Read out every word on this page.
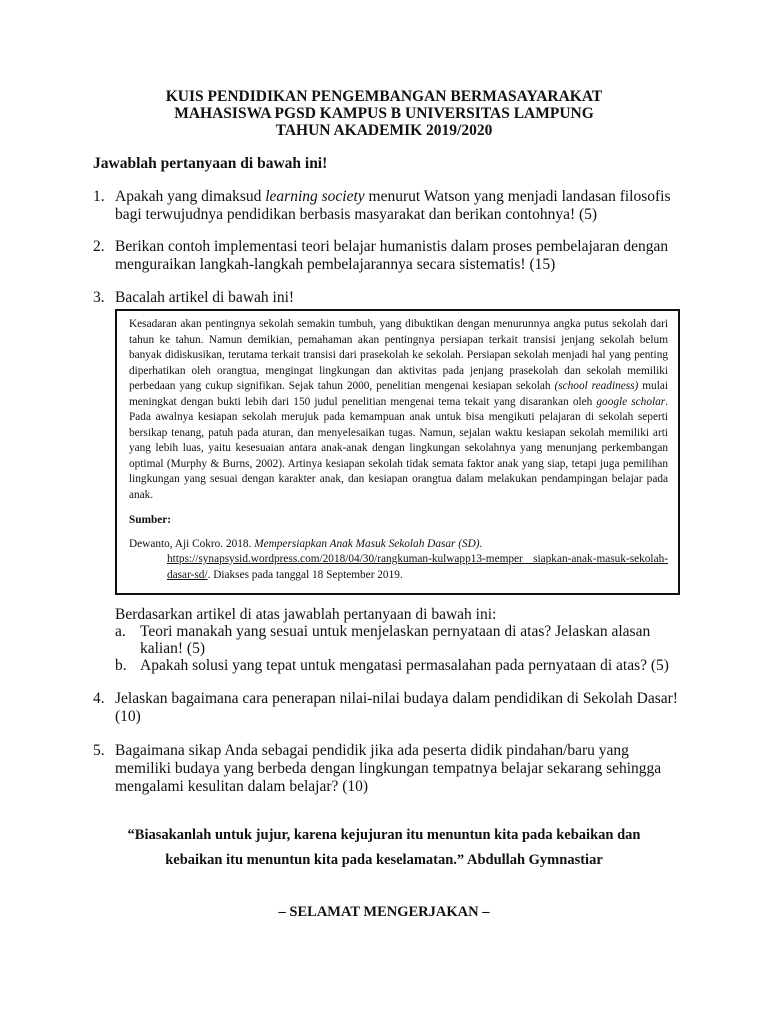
KUIS PENDIDIKAN PENGEMBANGAN BERMASAYARAKAT
MAHASISWA PGSD KAMPUS B UNIVERSITAS LAMPUNG
TAHUN AKADEMIK 2019/2020
Jawablah pertanyaan di bawah ini!
1. Apakah yang dimaksud learning society menurut Watson yang menjadi landasan filosofis bagi terwujudnya pendidikan berbasis masyarakat dan berikan contohnya! (5)
2. Berikan contoh implementasi teori belajar humanistis dalam proses pembelajaran dengan menguraikan langkah-langkah pembelajarannya secara sistematis! (15)
3. Bacalah artikel di bawah ini!

Kesadaran akan pentingnya sekolah semakin tumbuh, yang dibuktikan dengan menurunnya angka putus sekolah dari tahun ke tahun. Namun demikian, pemahaman akan pentingnya persiapan terkait transisi jenjang sekolah belum banyak didiskusikan, terutama terkait transisi dari prasekolah ke sekolah. Persiapan sekolah menjadi hal yang penting diperhatikan oleh orangtua, mengingat lingkungan dan aktivitas pada jenjang prasekolah dan sekolah memiliki perbedaan yang cukup signifikan. Sejak tahun 2000, penelitian mengenai kesiapan sekolah (school readiness) mulai meningkat dengan bukti lebih dari 150 judul penelitian mengenai tema tekait yang disarankan oleh google scholar. Pada awalnya kesiapan sekolah merujuk pada kemampuan anak untuk bisa mengikuti pelajaran di sekolah seperti bersikap tenang, patuh pada aturan, dan menyelesaikan tugas. Namun, sejalan waktu kesiapan sekolah memiliki arti yang lebih luas, yaitu kesesuaian antara anak-anak dengan lingkungan sekolahnya yang menunjang perkembangan optimal (Murphy & Burns, 2002). Artinya kesiapan sekolah tidak semata faktor anak yang siap, tetapi juga pemilihan lingkungan yang sesuai dengan karakter anak, dan kesiapan orangtua dalam melakukan pendampingan belajar pada anak.

Sumber:

Dewanto, Aji Cokro. 2018. Mempersiapkan Anak Masuk Sekolah Dasar (SD).
https://synapsysid.wordpress.com/2018/04/30/rangkuman-kulwapp13-memper siapkan-anak-masuk-sekolah-dasar-sd/. Diakses pada tanggal 18 September 2019.

Berdasarkan artikel di atas jawablah pertanyaan di bawah ini:
a. Teori manakah yang sesuai untuk menjelaskan pernyataan di atas? Jelaskan alasan kalian! (5)
b. Apakah solusi yang tepat untuk mengatasi permasalahan pada pernyataan di atas? (5)
4. Jelaskan bagaimana cara penerapan nilai-nilai budaya dalam pendidikan di Sekolah Dasar! (10)
5. Bagaimana sikap Anda sebagai pendidik jika ada peserta didik pindahan/baru yang memiliki budaya yang berbeda dengan lingkungan tempatnya belajar sekarang sehingga mengalami kesulitan dalam belajar? (10)
“Biasakanlah untuk jujur, karena kejujuran itu menuntun kita pada kebaikan dan
kebaikan itu menuntun kita pada keselamatan.” Abdullah Gymnastiar
– SELAMAT MENGERJAKAN –
